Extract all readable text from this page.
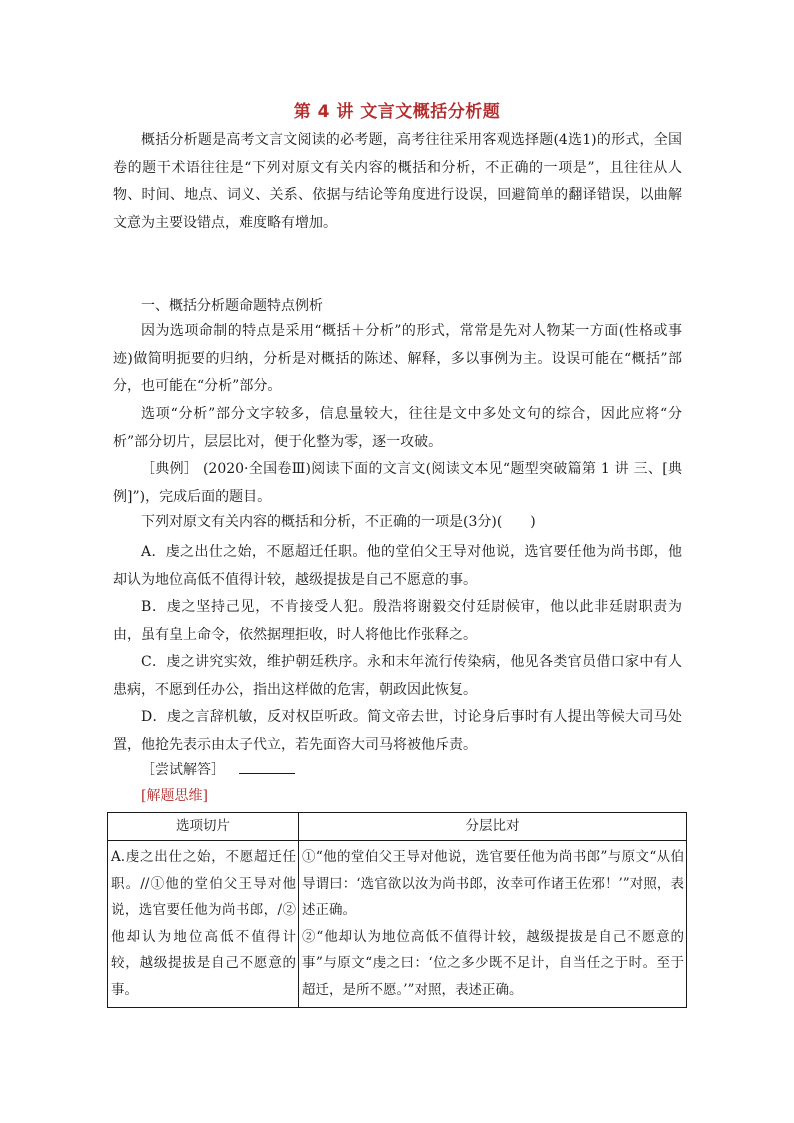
第 4 讲 文言文概括分析题

概括分析题是高考文言文阅读的必考题，高考往往采用客观选择题(4选1)的形式，全国卷的题干术语往往是“下列对原文有关内容的概括和分析，不正确的一项是”，且往往从人物、时间、地点、词义、关系、依据与结论等角度进行设误，回避简单的翻译错误，以曲解文意为主要设错点，难度略有增加。

一、概括分析题命题特点例析

因为选项命制的特点是采用“概括＋分析”的形式，常常是先对人物某一方面(性格或事迹)做简明扼要的归纳，分析是对概括的陈述、解释，多以事例为主。设误可能在“概括”部分，也可能在“分析”部分。

选项“分析”部分文字较多，信息量较大，往往是文中多处文句的综合，因此应将“分析”部分切片，层层比对，便于化整为零，逐一攻破。

［典例］ (2020·全国卷Ⅲ)阅读下面的文言文(阅读文本见“题型突破篇第 1 讲 三、[典例]”)，完成后面的题目。

下列对原文有关内容的概括和分析，不正确的一项是(3分)(　　)

A．虔之出仕之始，不愿超迁任职。他的堂伯父王导对他说，选官要任他为尚书郎，他却认为地位高低不值得计较，越级提拔是自己不愿意的事。

B．虔之坚持己见，不肯接受人犯。殷浩将谢毅交付廷尉候审，他以此非廷尉职责为由，虽有皇上命令，依然据理拒收，时人将他比作张释之。

C．虔之讲究实效，维护朝廷秩序。永和末年流行传染病，他见各类官员借口家中有人患病，不愿到任办公，指出这样做的危害，朝政因此恢复。

D．虔之言辞机敏，反对权臣听政。简文帝去世，讨论身后事时有人提出等候大司马处置，他抢先表示由太子代立，若先面咨大司马将被他斥责。

［尝试解答］
[解题思维]
选项切片	分层比对
A.虔之出仕之始，不愿超迁任职。//①他的堂伯父王导对他说，选官要任他为尚书郎，/②他却认为地位高低不值得计较，越级提拔是自己不愿意的事。	①“他的堂伯父王导对他说，选官要任他为尚书郎”与原文“从伯导谓曰：‘选官欲以汝为尚书郎，汝幸可作诸王佐邪！’”对照，表述正确。

②“他却认为地位高低不值得计较，越级提拔是自己不愿意的事”与原文“虔之曰：‘位之多少既不足计，自当任之于时。至于超迁，是所不愿。’”对照，表述正确。
